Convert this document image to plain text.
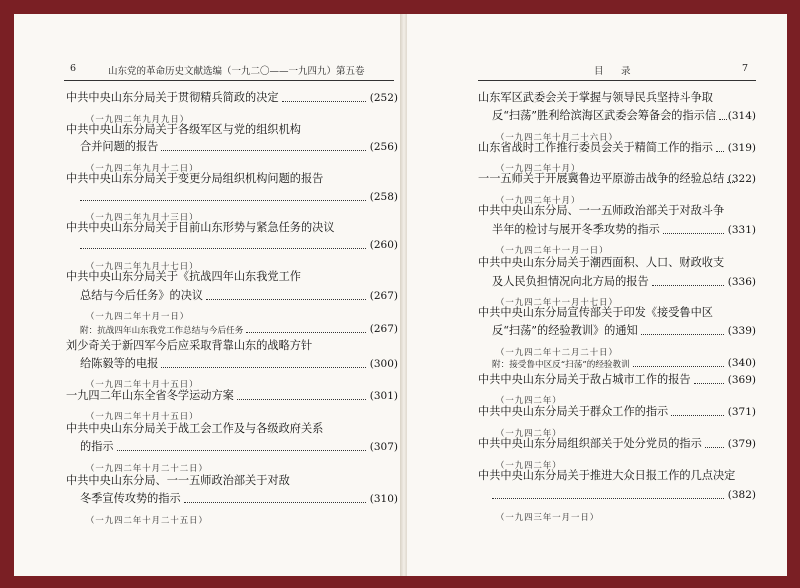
6	山东党的革命历史文献选编（一九二〇——一九四九）第五卷	目　录	7
中共中央山东分局关于贯彻精兵简政的决定	(252)
（一九四二年九月九日）
中共中央山东分局关于各级军区与党的组织机构
合并问题的报告	(256)
（一九四二年九月十二日）
中共中央山东分局关于变更分局组织机构问题的报告
(258)
（一九四二年九月十三日）
中共中央山东分局关于目前山东形势与紧急任务的决议
(260)
（一九四二年九月十七日）
中共中央山东分局关于《抗战四年山东我党工作
总结与今后任务》的决议	(267)
（一九四二年十月一日）
附：抗战四年山东我党工作总结与今后任务	(267)
刘少奇关于新四军今后应采取背靠山东的战略方针
给陈毅等的电报	(300)
（一九四二年十月十五日）
一九四二年山东全省冬学运动方案	(301)
（一九四二年十月十五日）
中共中央山东分局关于战工会工作及与各级政府关系
的指示	(307)
（一九四二年十月二十二日）
中共中央山东分局、一一五师政治部关于对敌
冬季宣传攻势的指示	(310)
（一九四二年十月二十五日）
山东军区武委会关于掌握与领导民兵坚持斗争取
反“扫荡”胜利给滨海区武委会筹备会的指示信 (314)
（一九四二年十月二十六日）
山东省战时工作推行委员会关于精简工作的指示 (319)
（一九四二年十月）
一一五师关于开展冀鲁边平原游击战争的经验总结 (322)
（一九四二年十月）
中共中央山东分局、一一五师政治部关于对敌斗争
半年的检讨与展开冬季攻势的指示	(331)
（一九四二年十一月一日）
中共中央山东分局关于潮西面积、人口、财政收支
及人民负担情况向北方局的报告	(336)
（一九四二年十一月十七日）
中共中央山东分局宣传部关于印发《接受鲁中区
反“扫荡”的经验教训》的通知	(339)
（一九四二年十二月二十日）
附：接受鲁中区反“扫荡”的经验教训	(340)
中共中央山东分局关于敌占城市工作的报告	(369)
（一九四二年）
中共中央山东分局关于群众工作的指示	(371)
（一九四二年）
中共中央山东分局组织部关于处分党员的指示 (379)
（一九四二年）
中共中央山东分局关于推进大众日报工作的几点决定
(382)
（一九四三年一月一日）
